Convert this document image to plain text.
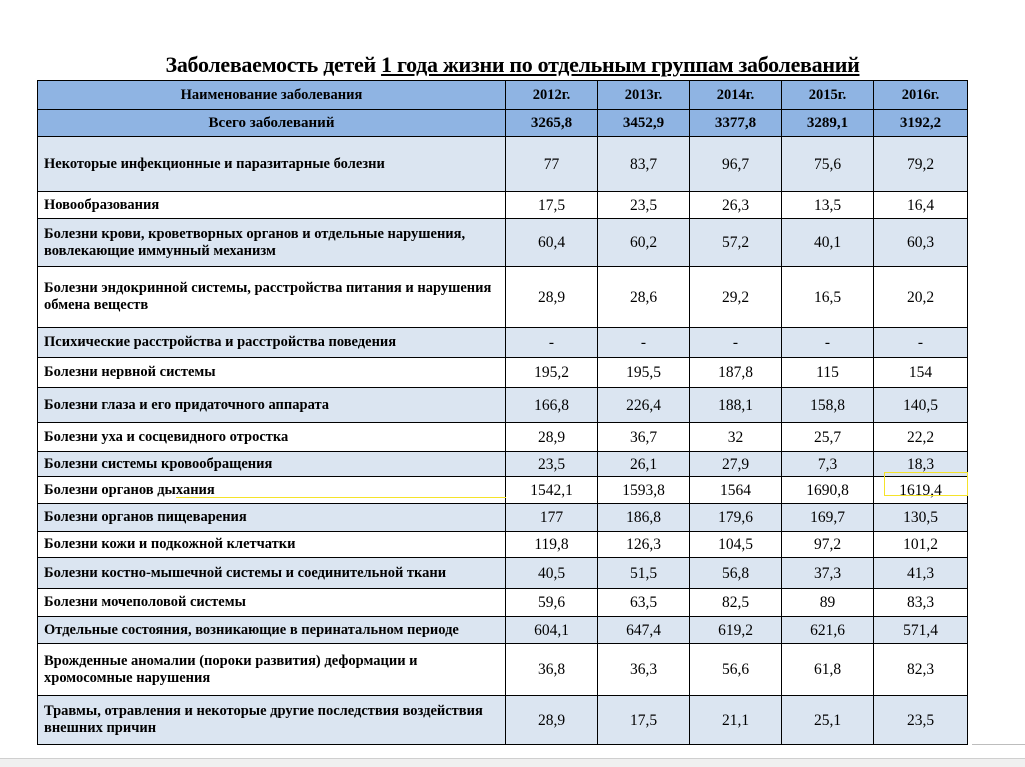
Заболеваемость детей 1 года жизни по отдельным группам заболеваний
Наименование заболевания	2012г.	2013г.	2014г.	2015г.	2016г.
Всего заболеваний	3265,8	3452,9	3377,8	3289,1	3192,2
Некоторые инфекционные и паразитарные болезни	77	83,7	96,7	75,6	79,2
Новообразования	17,5	23,5	26,3	13,5	16,4
Болезни крови, кроветворных органов и отдельные нарушения, вовлекающие иммунный механизм	60,4	60,2	57,2	40,1	60,3
Болезни эндокринной системы, расстройства питания и нарушения обмена веществ	28,9	28,6	29,2	16,5	20,2
Психические расстройства и расстройства поведения	-	-	-	-	-
Болезни нервной системы	195,2	195,5	187,8	115	154
Болезни глаза и его придаточного аппарата	166,8	226,4	188,1	158,8	140,5
Болезни уха и сосцевидного отростка	28,9	36,7	32	25,7	22,2
Болезни системы кровообращения	23,5	26,1	27,9	7,3	18,3
Болезни органов дыхания	1542,1	1593,8	1564	1690,8	1619,4
Болезни органов пищеварения	177	186,8	179,6	169,7	130,5
Болезни кожи и подкожной клетчатки	119,8	126,3	104,5	97,2	101,2
Болезни костно-мышечной системы и соединительной ткани	40,5	51,5	56,8	37,3	41,3
Болезни мочеполовой системы	59,6	63,5	82,5	89	83,3
Отдельные состояния, возникающие в перинатальном периоде	604,1	647,4	619,2	621,6	571,4
Врожденные аномалии (пороки развития) деформации и хромосомные нарушения	36,8	36,3	56,6	61,8	82,3
Травмы, отравления и некоторые другие последствия воздействия внешних причин	28,9	17,5	21,1	25,1	23,5
